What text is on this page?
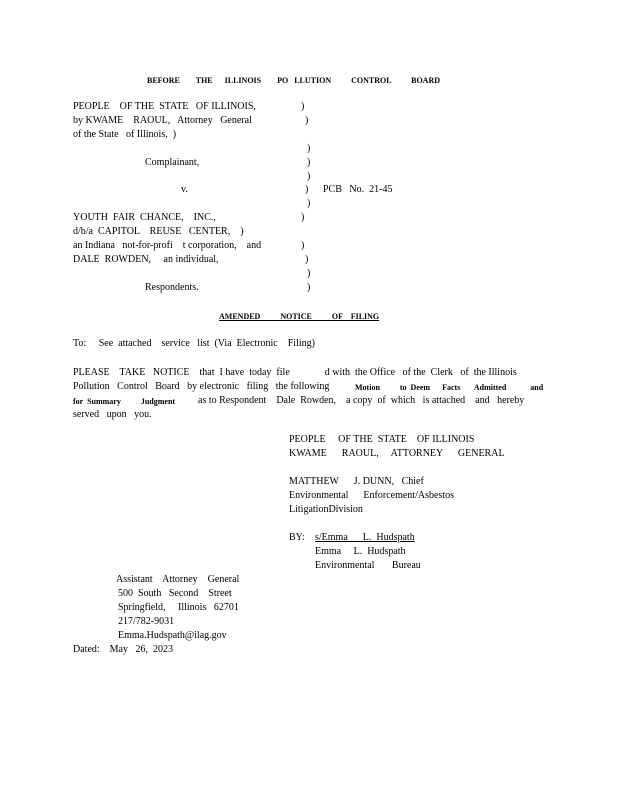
BEFORE        THE      ILLINOIS        PO   LLUTION          CONTROL          BOARD
PEOPLE    OF THE  STATE   OF ILLINOIS,
by KWAME    RAOUL,   Attorney   General
of the State   of Illinois,  )
Complainant,
v.
YOUTH  FAIR  CHANCE,    INC.,
d/b/a  CAPITOL    REUSE   CENTER,    )
an Indiana   not-for-profi    t corporation,    and
DALE  ROWDEN,     an individual,
Respondents.
)
)
)
)
)
)
)
)
)
)
)
)
PCB   No.  21-45
AMENDED          NOTICE          OF    FILING
To:     See  attached    service   list  (Via  Electronic    Filing)
PLEASE    TAKE   NOTICE    that  I have  today  file              d with  the Office   of the  Clerk   of  the Illinois
Pollution   Control   Board   by electronic   filing   the following	Motion          to  Deem      Facts       Admitted            and
for  Summary          Judgment as to Respondent    Dale  Rowden,    a copy  of  which   is attached    and   hereby
served   upon   you.
PEOPLE     OF THE  STATE    OF ILLINOIS
KWAME      RAOUL,     ATTORNEY      GENERAL
MATTHEW      J. DUNN,   Chief
Environmental      Enforcement/Asbestos
LitigationDivision
BY: s/Emma      L.  Hudspath
Emma     L.  Hudspath
Environmental       Bureau
Assistant    Attorney    General
500  South   Second    Street
Springfield,     Illinois   62701
217/782-9031
Emma.Hudspath@ilag.gov
Dated:    May   26,  2023
